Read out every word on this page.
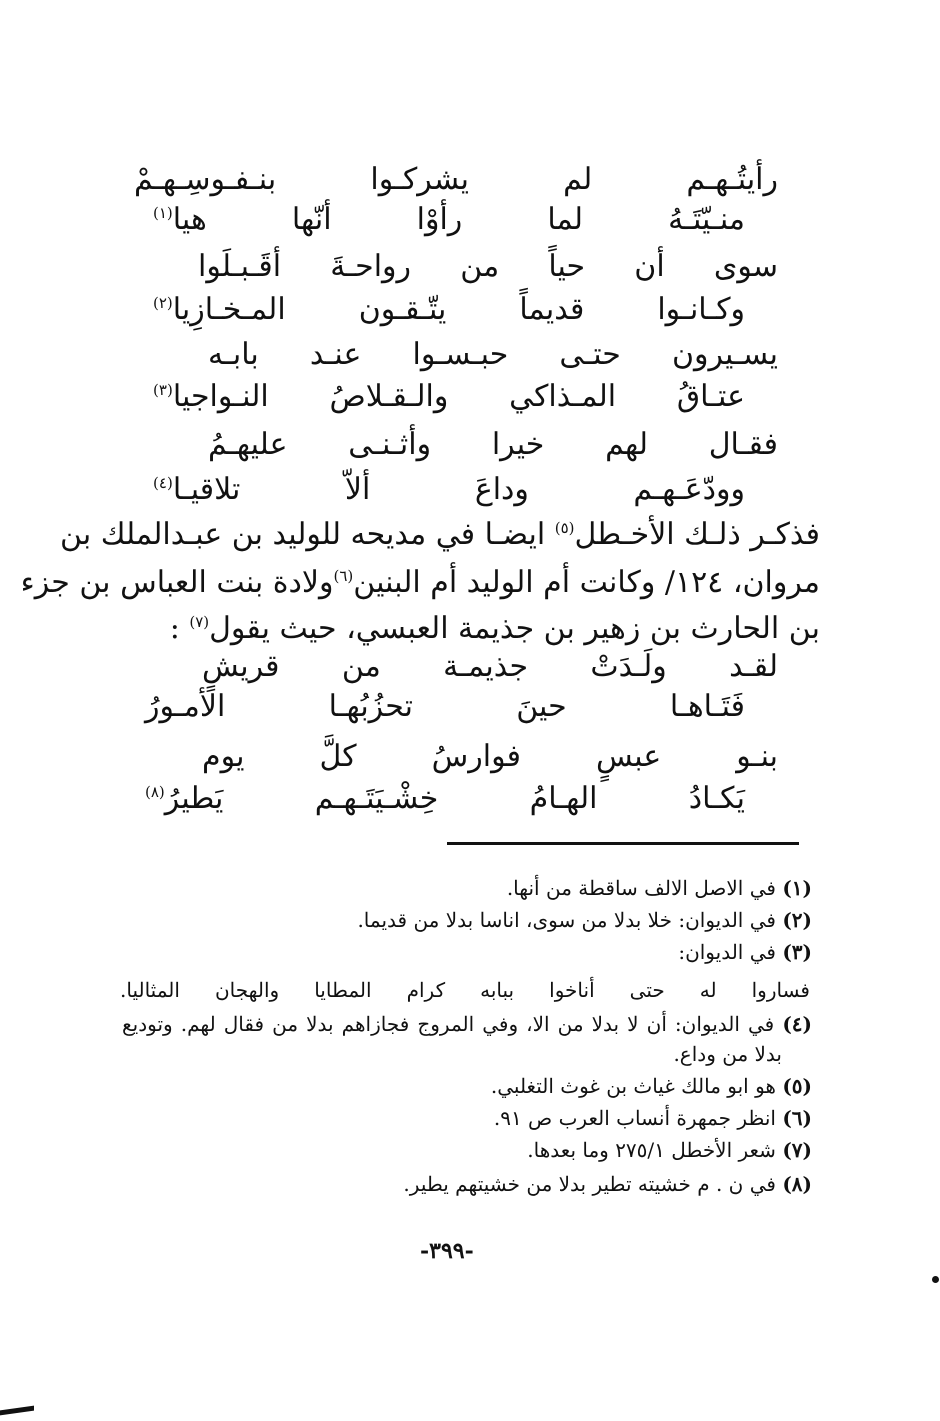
رأيتُـهـم
لم
يشركـوا
بنـفـوسِـهـمْ
منـيّتَـهُ
لما
رأوْا
أنّها
هيا(١)
سوى
أن
حياً
من
رواحـةَ
أقَـبـلَوا
وكـانـوا
قديماً
يتّـقـون
المـخـازِيا(٢)
يسـيرون
حتـى
حبـسـوا
عنـد
بابـه
عتـاقُ
المـذاكي
والـقـلاصُ
النـواجيا(٣)
فقـال
لهم
خيرا
وأثـنـى
عليهـمُ
وودّعَـهـم
وداعَ
ألاّ
تلاقيـا(٤)
فذكـر ذلـك الأخـطل$^{(٥)}$ ايضـا في مديحه للوليد بن عبـدالملك بن
مروان، ١٢٤/ وكانت أم الوليد أم البنين$^{(٦)}$ولادة بنت العباس بن جزء
بن الحارث بن زهير بن جذيمة العبسي، حيث يقول$^{(٧)}$ :
لقـد
ولَـدَتْ
جذيمـة
من
قريشٍ
فَتَـاهـا
حينَ
تحزُبُهـا
الأمـورُ
بنـو
عبسٍ
فوارسُ
كلَّ
يوم
يَكـادُ
الهـامُ
خِشْـيَتَـهـم
يَطيرُ(٨)
(١) في الاصل الالف ساقطة من أنها.
(٢) في الديوان: خلا بدلا من سوى، اناسا بدلا من قديما.
(٣) في الديوان:
فساروا
له
حتى
أناخوا
ببابه
كرام
المطايا
والهجان
المثاليا.
(٤) في الديوان: أن لا بدلا من الا، وفي المروج فجازاهم بدلا من فقال لهم. وتوديع
بدلا من وداع.
(٥) هو ابو مالك غياث بن غوث التغلبي.
(٦) انظر جمهرة أنساب العرب ص ٩١.
(٧) شعر الأخطل ٢٧٥/١ وما بعدها.
(٨) في ن . م خشيته تطير بدلا من خشيتهم يطير.
-٣٩٩-
